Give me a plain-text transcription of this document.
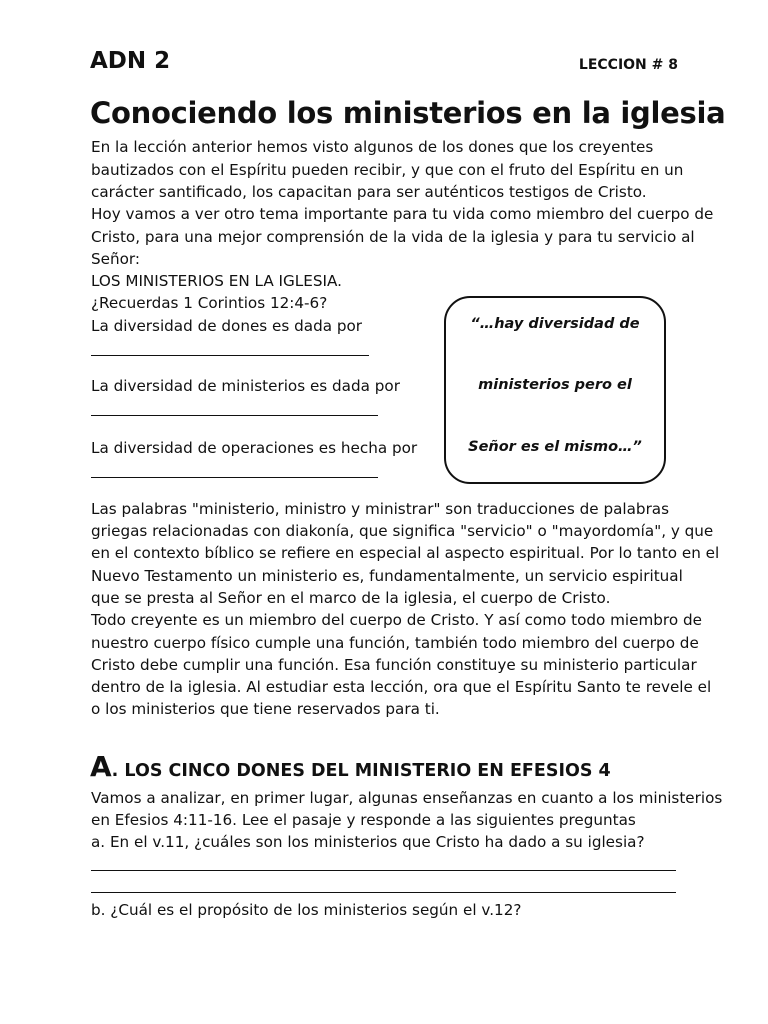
ADN 2	LECCION # 8
Conociendo los ministerios en la iglesia
En la lección anterior hemos visto algunos de los dones que los creyentes
bautizados con el Espíritu pueden recibir, y que con el fruto del Espíritu en un
carácter santificado, los capacitan para ser auténticos testigos de Cristo.
Hoy vamos a ver otro tema importante para tu vida como miembro del cuerpo de
Cristo, para una mejor comprensión de la vida de la iglesia y para tu servicio al
Señor:
LOS MINISTERIOS EN LA IGLESIA.
¿Recuerdas 1 Corintios 12:4-6?
La diversidad de dones es dada por
La diversidad de ministerios es dada por
La diversidad de operaciones es hecha por
“…hay diversidad de
ministerios pero el
Señor es el mismo…”
Las palabras "ministerio, ministro y ministrar" son traducciones de palabras
griegas relacionadas con diakonía, que significa "servicio" o "mayordomía", y que
en el contexto bíblico se refiere en especial al aspecto espiritual. Por lo tanto en el
Nuevo Testamento un ministerio es, fundamentalmente, un servicio espiritual
que se presta al Señor en el marco de la iglesia, el cuerpo de Cristo.
Todo creyente es un miembro del cuerpo de Cristo. Y así como todo miembro de
nuestro cuerpo físico cumple una función, también todo miembro del cuerpo de
Cristo debe cumplir una función. Esa función constituye su ministerio particular
dentro de la iglesia. Al estudiar esta lección, ora que el Espíritu Santo te revele el
o los ministerios que tiene reservados para ti.
A. LOS CINCO DONES DEL MINISTERIO EN EFESIOS 4
Vamos a analizar, en primer lugar, algunas enseñanzas en cuanto a los ministerios
en Efesios 4:11-16. Lee el pasaje y responde a las siguientes preguntas
a. En el v.11, ¿cuáles son los ministerios que Cristo ha dado a su iglesia?
b. ¿Cuál es el propósito de los ministerios según el v.12?
